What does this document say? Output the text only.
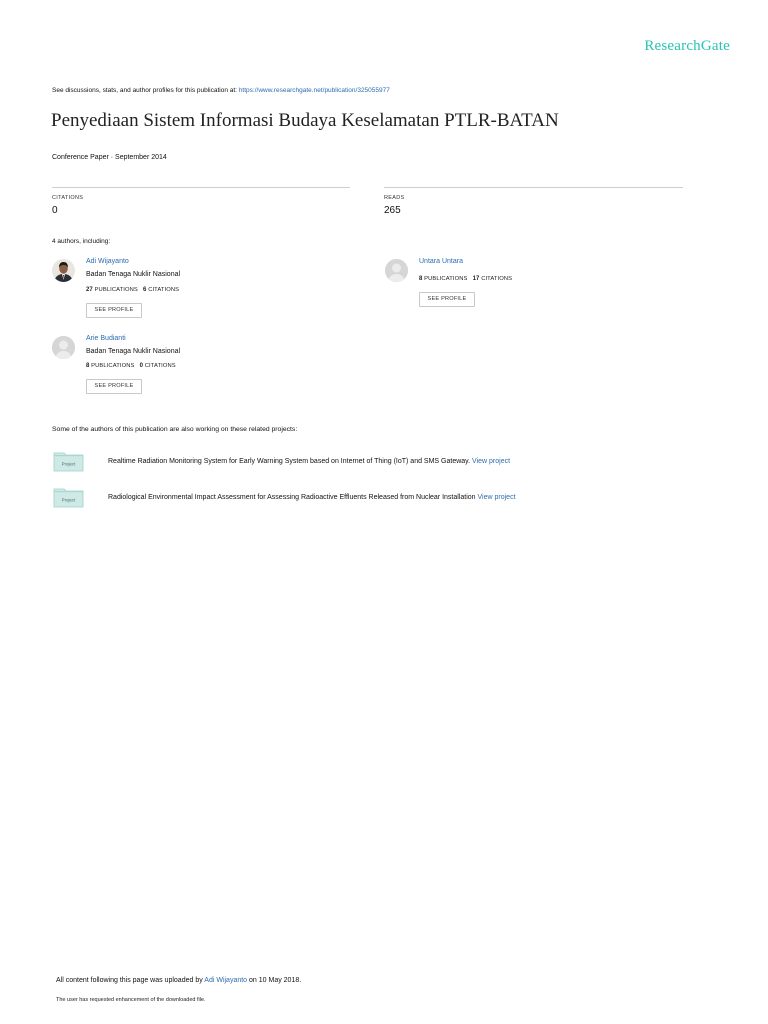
ResearchGate
See discussions, stats, and author profiles for this publication at: https://www.researchgate.net/publication/325055977
Penyediaan Sistem Informasi Budaya Keselamatan PTLR-BATAN
Conference Paper · September 2014
CITATIONS
0
READS
265
4 authors, including:
Adi Wijayanto
Badan Tenaga Nuklir Nasional
27 PUBLICATIONS 6 CITATIONS
SEE PROFILE
Untara Untara
8 PUBLICATIONS 17 CITATIONS
SEE PROFILE
Arie Budianti
Badan Tenaga Nuklir Nasional
8 PUBLICATIONS 0 CITATIONS
SEE PROFILE
Some of the authors of this publication are also working on these related projects:
Project	Realtime Radiation Monitoring System for Early Warning System based on Internet of Thing (IoT) and SMS Gateway. View project
Project	Radiological Environmental Impact Assessment for Assessing Radioactive Effluents Released from Nuclear Installation View project
All content following this page was uploaded by Adi Wijayanto on 10 May 2018.
The user has requested enhancement of the downloaded file.
